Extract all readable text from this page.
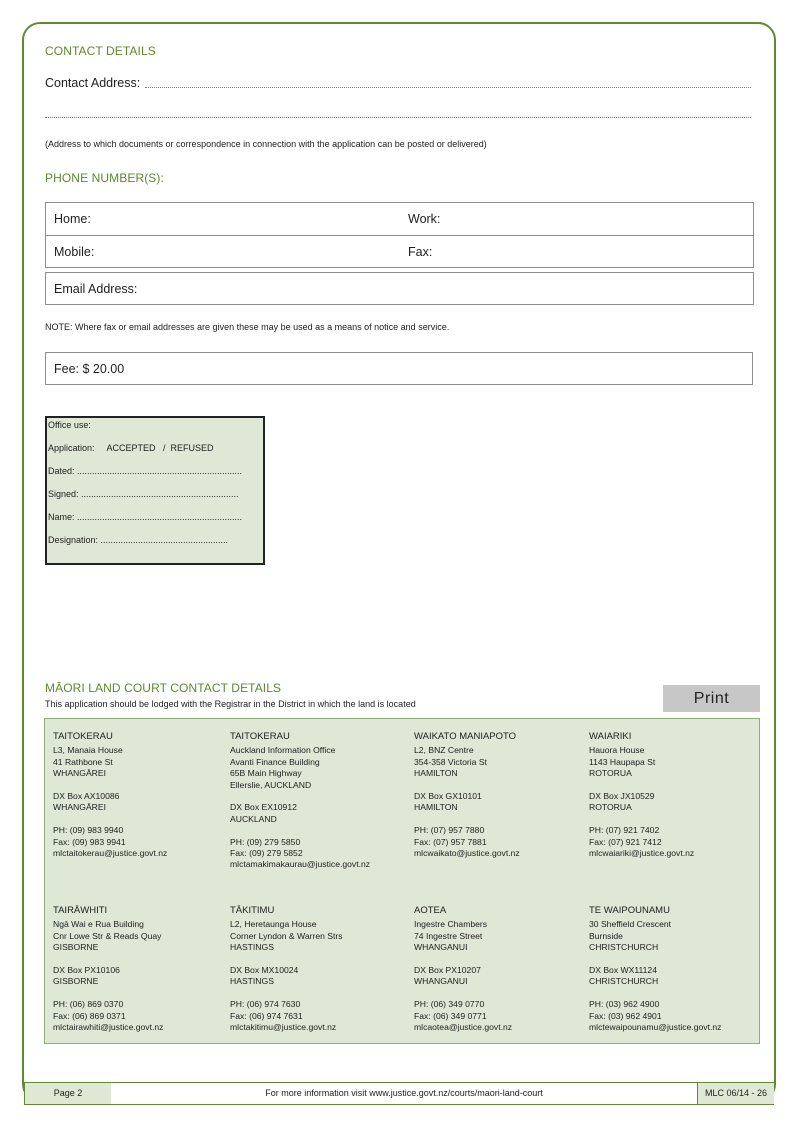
CONTACT DETAILS
Contact Address:
(Address to which documents or correspondence in connection with the application can be posted or delivered)
PHONE NUMBER(S):
Home:	Work:
Mobile:	Fax:
Email Address:
NOTE: Where fax or email addresses are given these may be used as a means of notice and service.
Fee: $ 20.00
Office use:
Application:     ACCEPTED   /  REFUSED
Dated: ..................................................................
Signed: ...............................................................
Name: ..................................................................
Designation: ...................................................
MĀORI LAND COURT CONTACT DETAILS
This application should be lodged with the Registrar in the District in which the land is located	Print
TAITOKERAU
L3, Manaia House
41 Rathbone St
WHANGĀREI
DX Box AX10086
WHANGĀREI
PH: (09) 983 9940
Fax: (09) 983 9941
mlctaitokerau@justice.govt.nz
TAITOKERAU
Auckland Information Office
Avanti Finance Building
65B Main Highway
Ellerslie, AUCKLAND
DX Box EX10912
AUCKLAND
PH: (09) 279 5850
Fax: (09) 279 5852
mlctamakimakaurau@justice.govt.nz
WAIKATO MANIAPOTO
L2, BNZ Centre
354-358 Victoria St
HAMILTON
DX Box GX10101
HAMILTON
PH: (07) 957 7880
Fax: (07) 957 7881
mlcwaikato@justice.govt.nz
WAIARIKI
Hauora House
1143 Haupapa St
ROTORUA
DX Box JX10529
ROTORUA
PH: (07) 921 7402
Fax: (07) 921 7412
mlcwaiariki@justice.govt.nz
TAIRĀWHITI
Ngā Wai e Rua Building
Cnr Lowe Str & Reads Quay
GISBORNE
DX Box PX10106
GISBORNE
PH: (06) 869 0370
Fax: (06) 869 0371
mlctairawhiti@justice.govt.nz
TĀKITIMU
L2, Heretaunga House
Corner Lyndon & Warren Strs
HASTINGS
DX Box MX10024
HASTINGS
PH: (06) 974 7630
Fax: (06) 974 7631
mlctakitimu@justice.govt.nz
AOTEA
Ingestre Chambers
74 Ingestre Street
WHANGANUI
DX Box PX10207
WHANGANUI
PH: (06) 349 0770
Fax: (06) 349 0771
mlcaotea@justice.govt.nz
TE WAIPOUNAMU
30 Sheffield Crescent
Burnside
CHRISTCHURCH
DX Box WX11124
CHRISTCHURCH
PH: (03) 962 4900
Fax: (03) 962 4901
mlctewaipounamu@justice.govt.nz
Page 2	For more information visit www.justice.govt.nz/courts/maori-land-court	MLC 06/14 - 26
